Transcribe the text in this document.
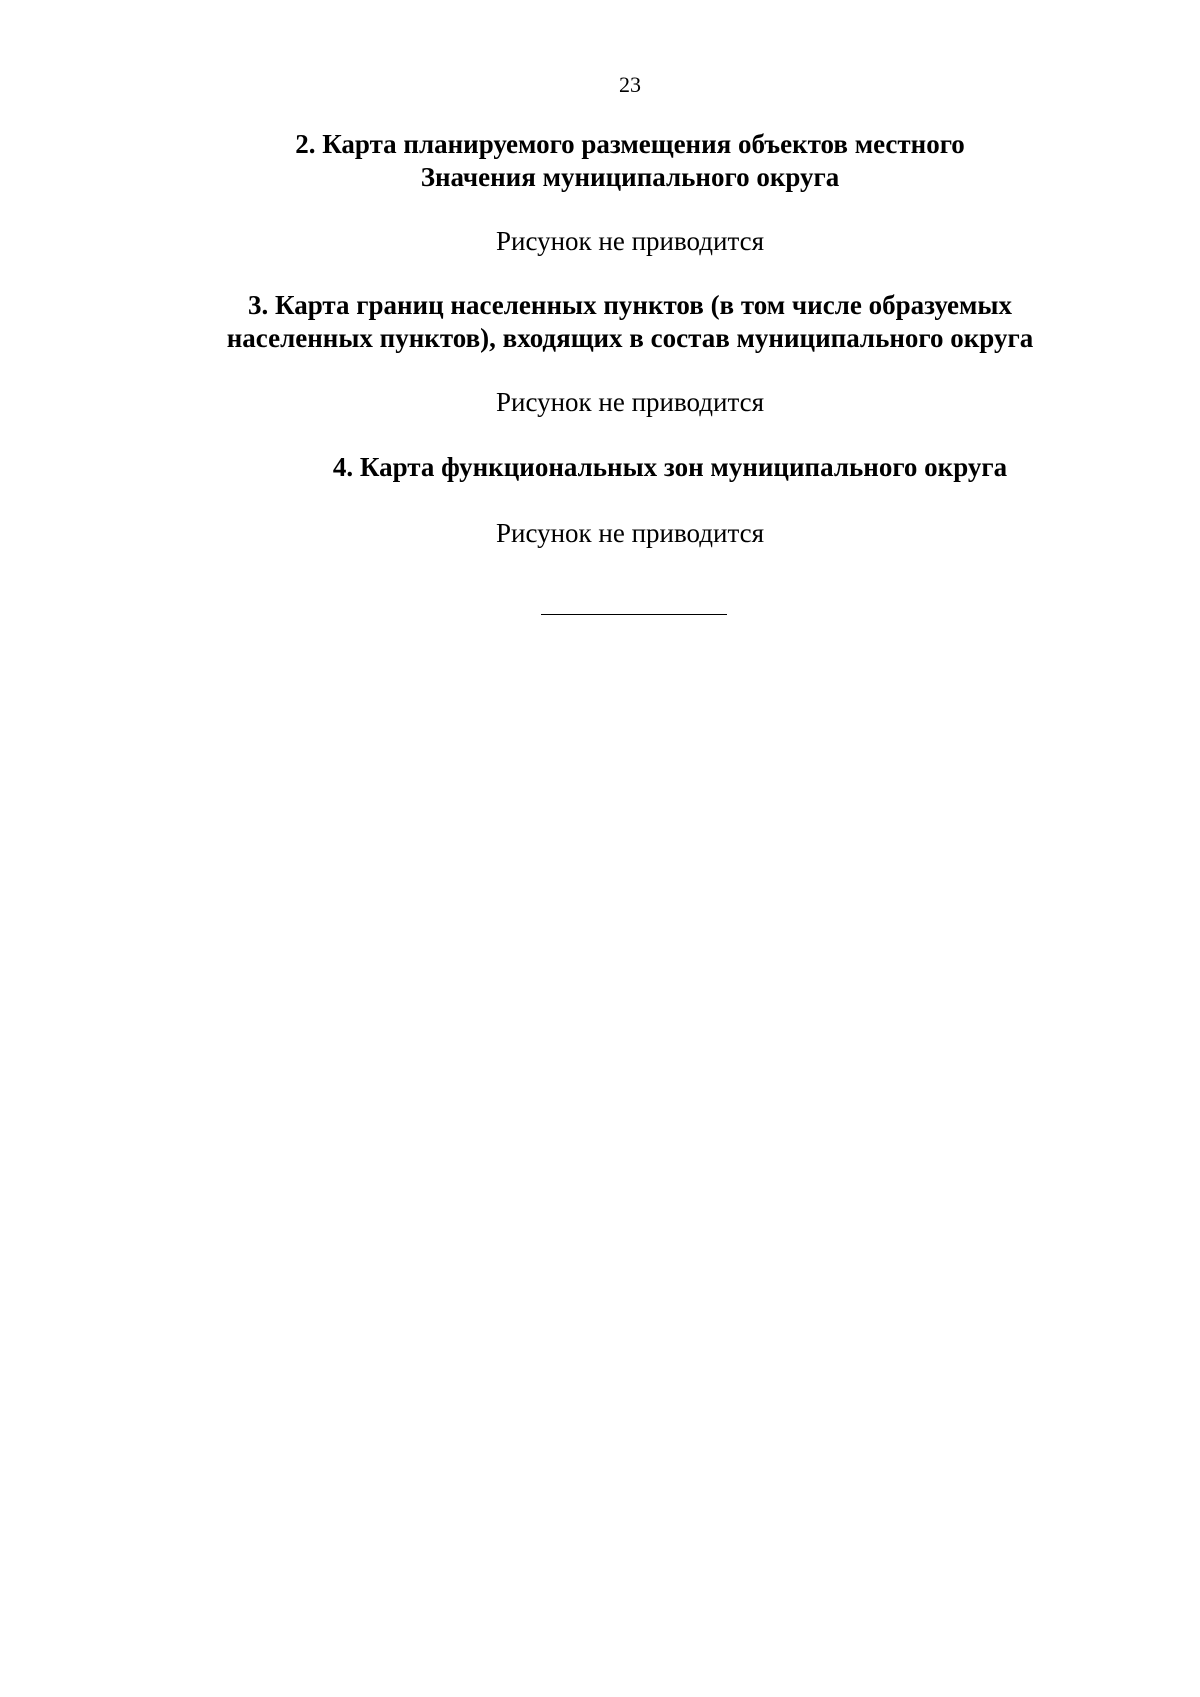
23
2. Карта планируемого размещения объектов местного
Значения муниципального округа
Рисунок не приводится
3. Карта границ населенных пунктов (в том числе образуемых
населенных пунктов), входящих в состав муниципального округа
Рисунок не приводится
4. Карта функциональных зон муниципального округа
Рисунок не приводится
